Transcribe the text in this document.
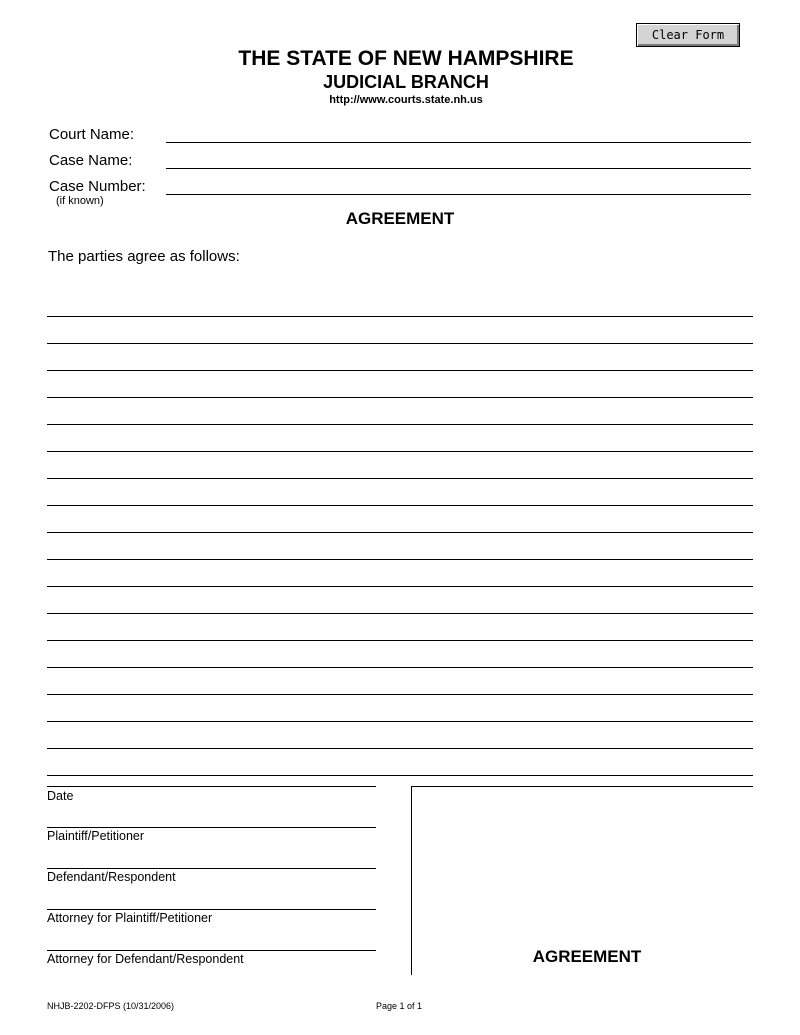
Clear Form
THE STATE OF NEW HAMPSHIRE
JUDICIAL BRANCH
http://www.courts.state.nh.us
Court Name:
Case Name:
Case Number:
(if known)
AGREEMENT
The parties agree as follows:
Date
Plaintiff/Petitioner
Defendant/Respondent
Attorney for Plaintiff/Petitioner
Attorney for Defendant/Respondent	AGREEMENT
NHJB-2202-DFPS (10/31/2006)	Page 1 of 1
